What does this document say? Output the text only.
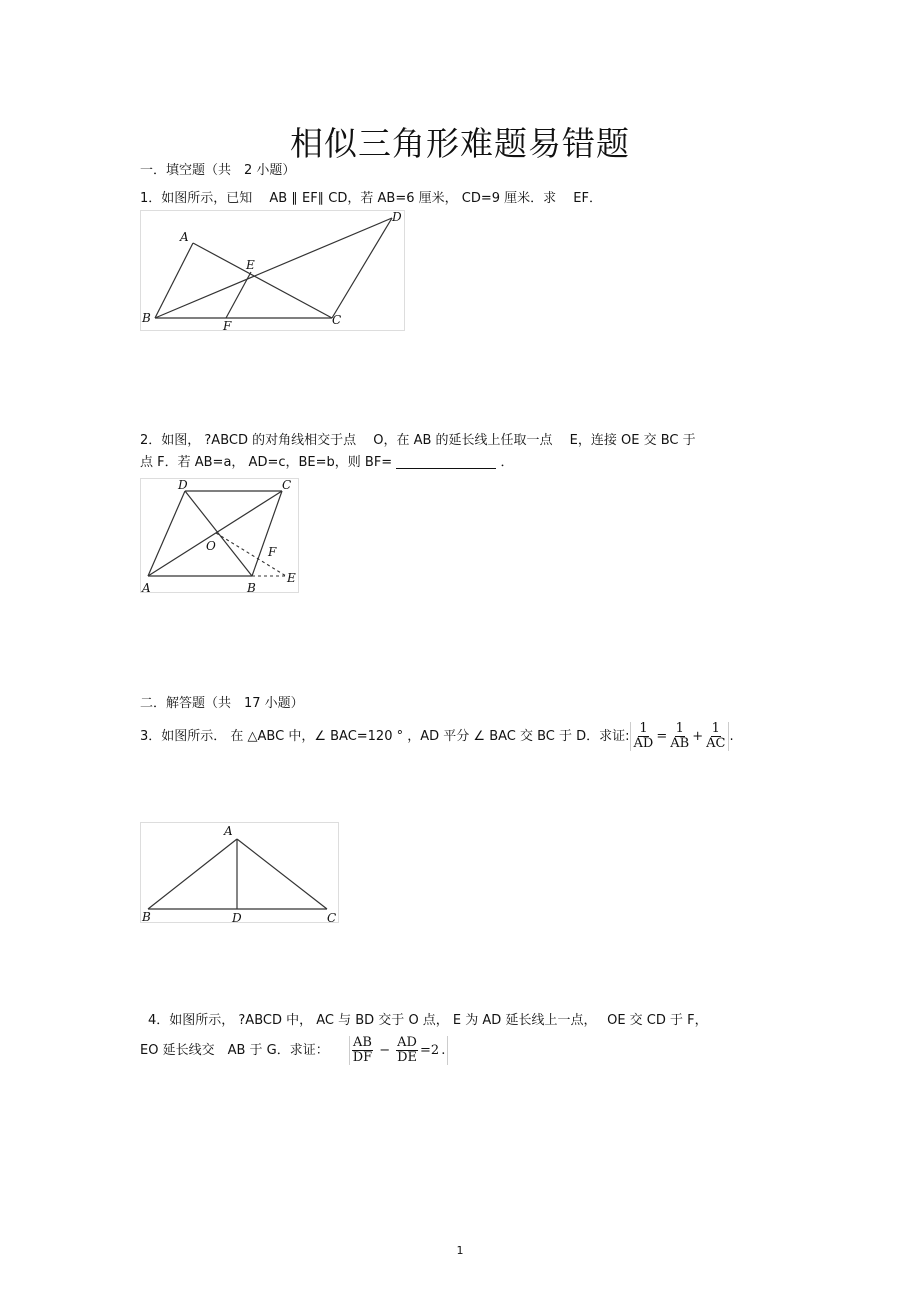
相似三角形难题易错题
一．填空题（共　2 小题）
1．如图所示，已知　 AB ∥ EF∥ CD，若 AB=6 厘米， CD=9 厘米．求　 EF．
A
B	C
D
E
F
2．如图， ?ABCD 的对角线相交于点　 O，在 AB 的延长线上任取一点　 E，连接 OE 交 BC 于
点 F．若 AB=a， AD=c，BE=b，则 BF=	．
A	B
C
D
E
F
O
二．解答题（共　17 小题）
3．如图所示． 在 △ABC 中，∠ BAC=120 ° ，AD 平分 ∠ BAC 交 BC 于 D．求证: $\frac{1}{AD} = \frac{1}{AB} + \frac{1}{AC}$ .
A
B	C
D
4．如图所示， ?ABCD 中， AC 与 BD 交于 O 点， E 为 AD 延长线上一点，　 OE 交 CD 于 F，
EO 延长线交　AB 于 G．求证： $\frac{AB}{DF} - \frac{AD}{DE} =2$ .
1
